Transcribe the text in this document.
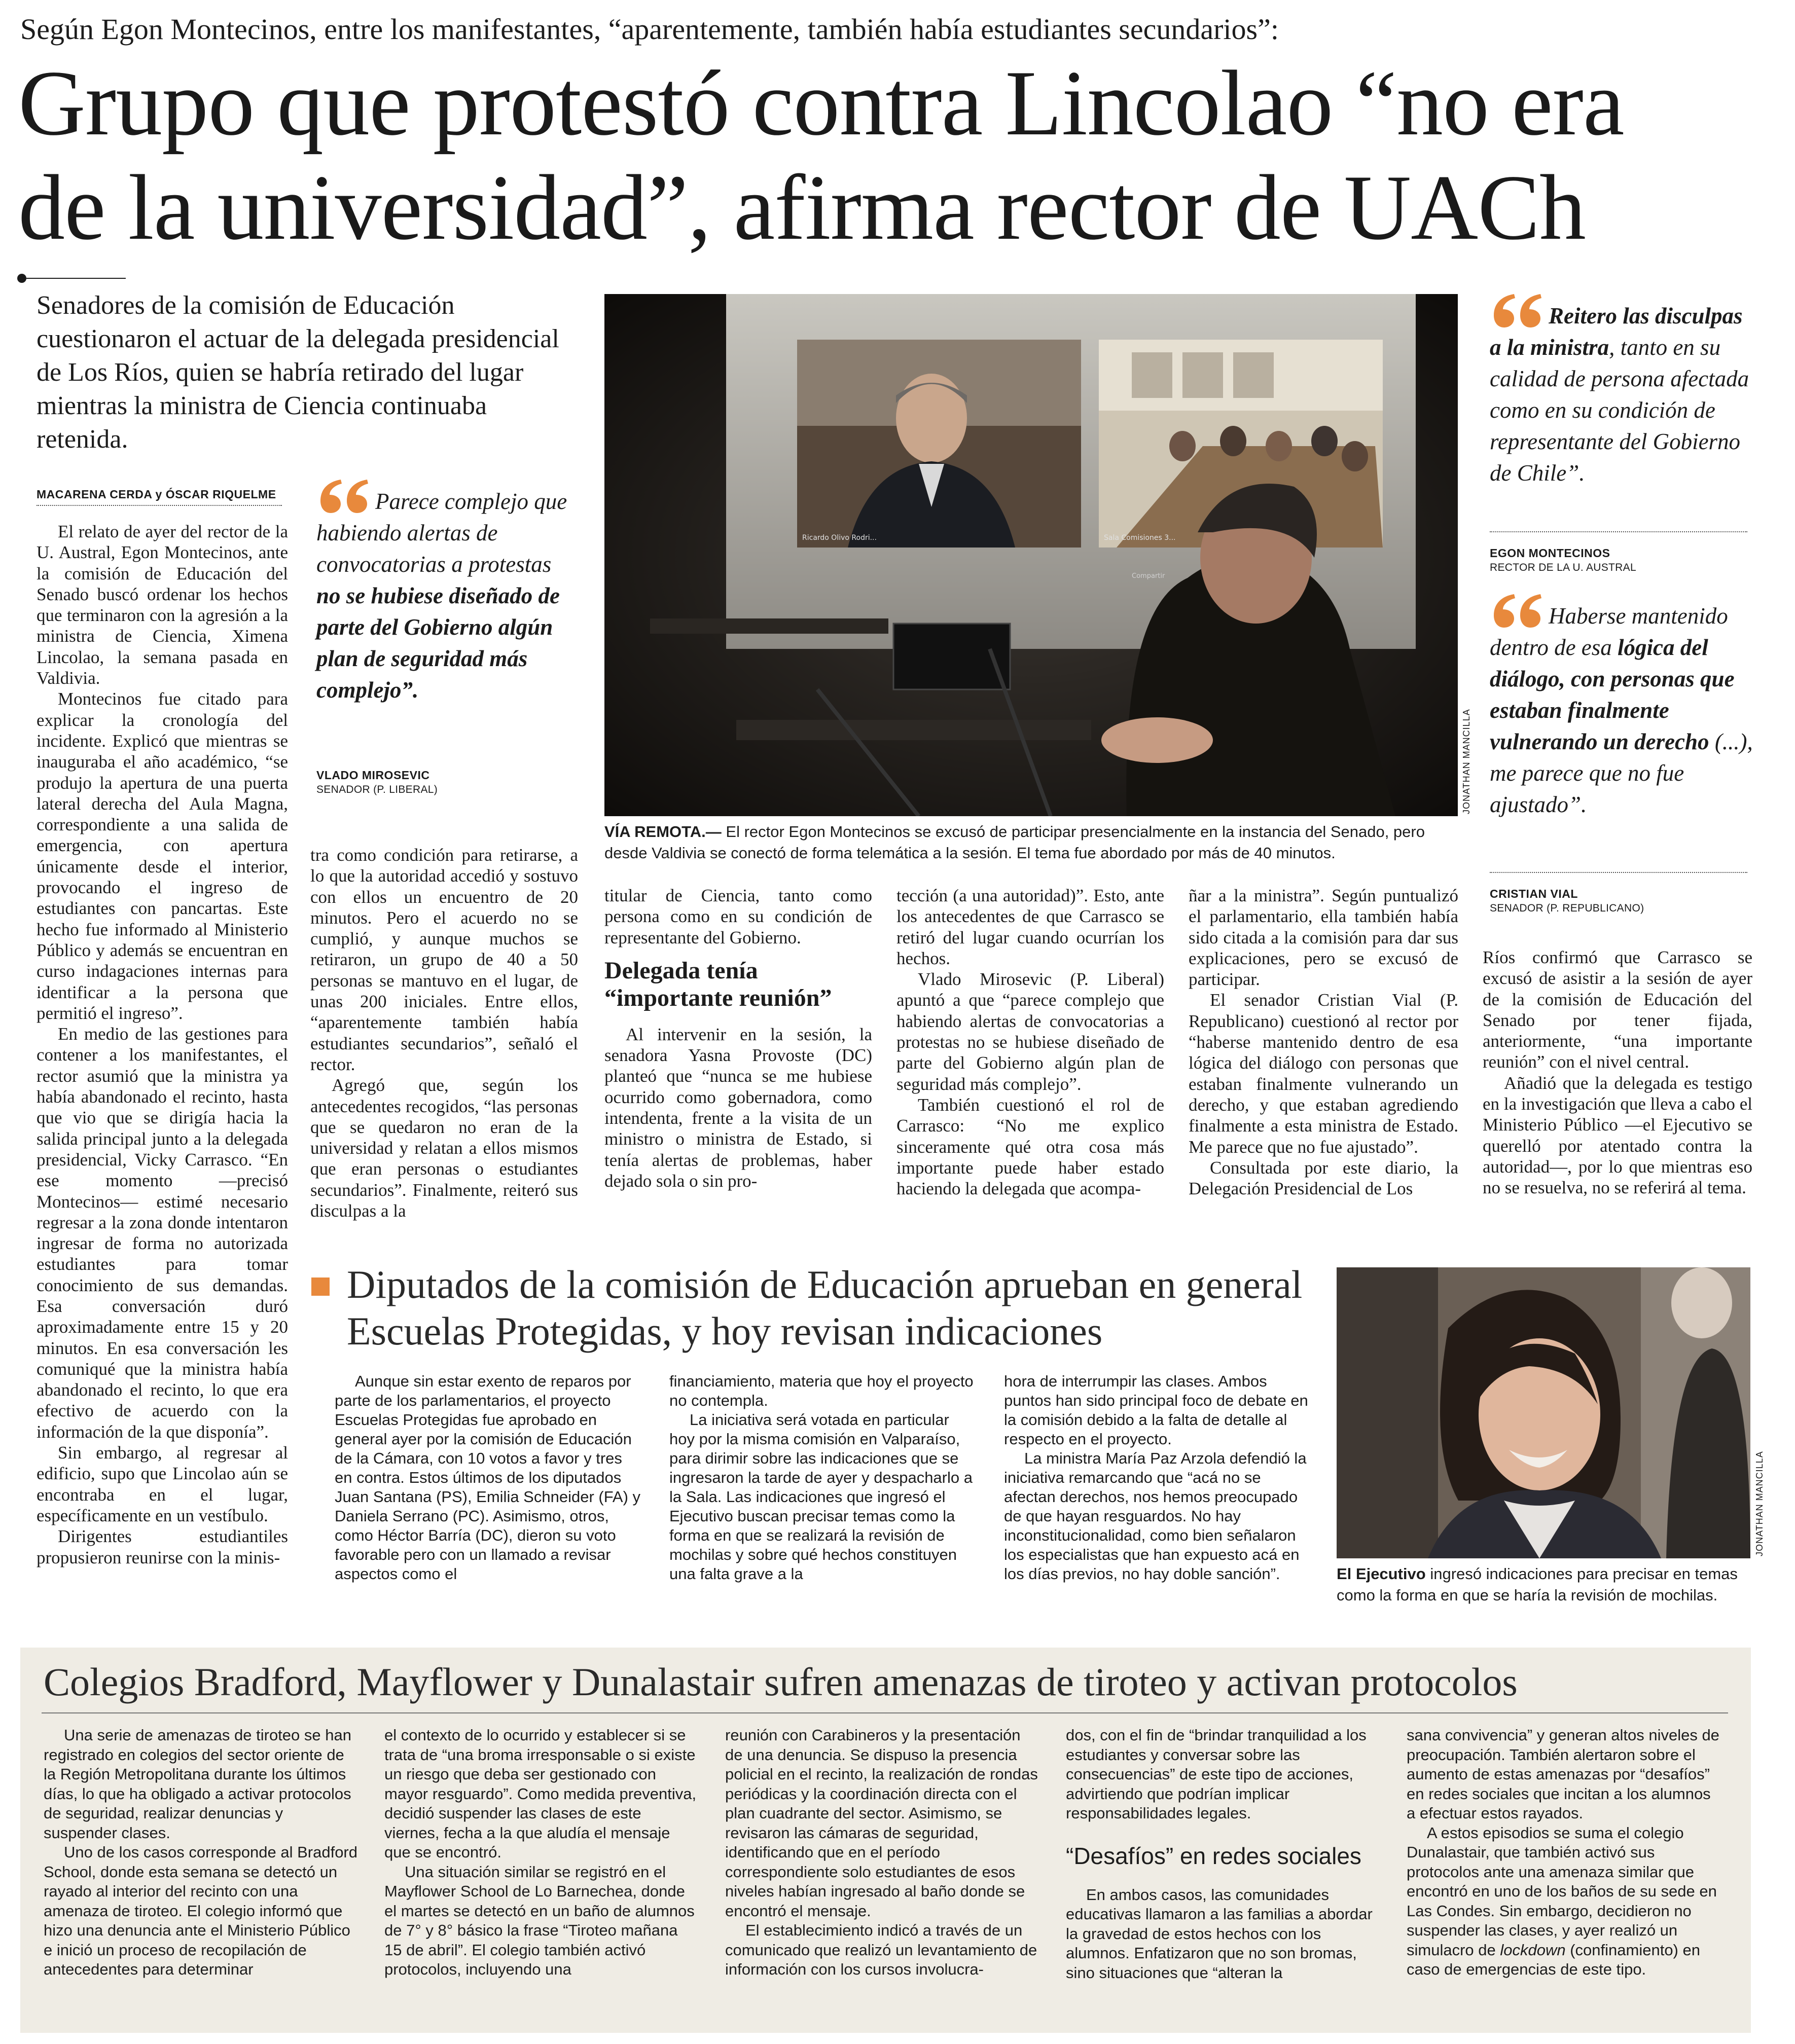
Según Egon Montecinos, entre los manifestantes, “aparentemente, también había estudiantes secundarios”:
Grupo que protestó contra Lincolao “no era de la universidad”, afirma rector de UACh
Senadores de la comisión de Educación cuestionaron el actuar de la delegada presidencial de Los Ríos, quien se habría retirado del lugar mientras la ministra de Ciencia continuaba retenida.
MACARENA CERDA y ÓSCAR RIQUELME

El relato de ayer del rector de la U. Austral, Egon Montecinos, ante la comisión de Educación del Senado buscó ordenar los hechos que terminaron con la agresión a la ministra de Ciencia, Ximena Lincolao, la semana pasada en Valdivia.

Montecinos fue citado para explicar la cronología del incidente. Explicó que mientras se inauguraba el año académico, “se produjo la apertura de una puerta lateral derecha del Aula Magna, correspondiente a una salida de emergencia, con apertura únicamente desde el interior, provocando el ingreso de estudiantes con pancartas. Este hecho fue informado al Ministerio Público y además se encuentran en curso indagaciones internas para identificar a la persona que permitió el ingreso”.

En medio de las gestiones para contener a los manifestantes, el rector asumió que la ministra ya había abandonado el recinto, hasta que vio que se dirigía hacia la salida principal junto a la delegada presidencial, Vicky Carrasco. “En ese momento —precisó Montecinos— estimé necesario regresar a la zona donde intentaron ingresar de forma no autorizada estudiantes para tomar conocimiento de sus demandas. Esa conversación duró aproximadamente entre 15 y 20 minutos. En esa conversación les comuniqué que la ministra había abandonado el recinto, lo que era efectivo de acuerdo con la información de la que disponía”.

Sin embargo, al regresar al edificio, supo que Lincolao aún se encontraba en el lugar, específicamente en un vestíbulo.

Dirigentes estudiantiles propusieron reunirse con la minis-

Parece complejo que habiendo alertas de convocatorias a protestas no se hubiese diseñado de parte del Gobierno algún plan de seguridad más complejo”.
VLADO MIROSEVIC
SENADOR (P. LIBERAL)

tra como condición para retirarse, a lo que la autoridad accedió y sostuvo con ellos un encuentro de 20 minutos. Pero el acuerdo no se cumplió, y aunque muchos se retiraron, un grupo de 40 a 50 personas se mantuvo en el lugar, de unas 200 iniciales. Entre ellos, “aparentemente también había estudiantes secundarios”, señaló el rector.

Agregó que, según los antecedentes recogidos, “las personas que se quedaron no eran de la universidad y relatan a ellos mismos que eran personas o estudiantes secundarios”. Finalmente, reiteró sus disculpas a la

Ricardo Olivo Rodri...	Sala Comisiones 3...
Compartir
JONATHAN MANCILLA
VÍA REMOTA.— El rector Egon Montecinos se excusó de participar presencialmente en la instancia del Senado, pero desde Valdivia se conectó de forma telemática a la sesión. El tema fue abordado por más de 40 minutos.

titular de Ciencia, tanto como persona como en su condición de representante del Gobierno.

Delegada tenía “importante reunión”

Al intervenir en la sesión, la senadora Yasna Provoste (DC) planteó que “nunca se me hubiese ocurrido como gobernadora, como intendenta, frente a la visita de un ministro o ministra de Estado, si tenía alertas de problemas, haber dejado sola o sin pro-

tección (a una autoridad)”. Esto, ante los antecedentes de que Carrasco se retiró del lugar cuando ocurrían los hechos.

Vlado Mirosevic (P. Liberal) apuntó a que “parece complejo que habiendo alertas de convocatorias a protestas no se hubiese diseñado de parte del Gobierno algún plan de seguridad más complejo”.

También cuestionó el rol de Carrasco: “No me explico sinceramente qué otra cosa más importante puede haber estado haciendo la delegada que acompa-

ñar a la ministra”. Según puntualizó el parlamentario, ella también había sido citada a la comisión para dar sus explicaciones, pero se excusó de participar.

El senador Cristian Vial (P. Republicano) cuestionó al rector por “haberse mantenido dentro de esa lógica del diálogo con personas que estaban finalmente vulnerando un derecho, y que estaban agrediendo finalmente a esta ministra de Estado. Me parece que no fue ajustado”.

Consultada por este diario, la Delegación Presidencial de Los

Reitero las disculpas a la ministra, tanto en su calidad de persona afectada como en su condición de representante del Gobierno de Chile”.
EGON MONTECINOS
RECTOR DE LA U. AUSTRAL
Haberse mantenido dentro de esa lógica del diálogo, con personas que estaban finalmente vulnerando un derecho (...), me parece que no fue ajustado”.
CRISTIAN VIAL
SENADOR (P. REPUBLICANO)

Ríos confirmó que Carrasco se excusó de asistir a la sesión de ayer de la comisión de Educación del Senado por tener fijada, anteriormente, “una importante reunión” con el nivel central.

Añadió que la delegada es testigo en la investigación que lleva a cabo el Ministerio Público —el Ejecutivo se querelló por atentado contra la autoridad—, por lo que mientras eso no se resuelva, no se referirá al tema.

Diputados de la comisión de Educación aprueban en general Escuelas Protegidas, y hoy revisan indicaciones

Aunque sin estar exento de reparos por parte de los parlamentarios, el proyecto Escuelas Protegidas fue aprobado en general ayer por la comisión de Educación de la Cámara, con 10 votos a favor y tres en contra. Estos últimos de los diputados Juan Santana (PS), Emilia Schneider (FA) y Daniela Serrano (PC). Asimismo, otros, como Héctor Barría (DC), dieron su voto favorable pero con un llamado a revisar aspectos como el

financiamiento, materia que hoy el proyecto no contempla.

La iniciativa será votada en particular hoy por la misma comisión en Valparaíso, para dirimir sobre las indicaciones que se ingresaron la tarde de ayer y despacharlo a la Sala. Las indicaciones que ingresó el Ejecutivo buscan precisar temas como la forma en que se realizará la revisión de mochilas y sobre qué hechos constituyen una falta grave a la

hora de interrumpir las clases. Ambos puntos han sido principal foco de debate en la comisión debido a la falta de detalle al respecto en el proyecto.

La ministra María Paz Arzola defendió la iniciativa remarcando que “acá no se afectan derechos, nos hemos preocupado de que hayan resguardos. No hay inconstitucionalidad, como bien señalaron los especialistas que han expuesto acá en los días previos, no hay doble sanción”.

JONATHAN MANCILLA
El Ejecutivo ingresó indicaciones para precisar en temas como la forma en que se haría la revisión de mochilas.
Colegios Bradford, Mayflower y Dunalastair sufren amenazas de tiroteo y activan protocolos

Una serie de amenazas de tiroteo se han registrado en colegios del sector oriente de la Región Metropolitana durante los últimos días, lo que ha obligado a activar protocolos de seguridad, realizar denuncias y suspender clases.

Uno de los casos corresponde al Bradford School, donde esta semana se detectó un rayado al interior del recinto con una amenaza de tiroteo. El colegio informó que hizo una denuncia ante el Ministerio Público e inició un proceso de recopilación de antecedentes para determinar

el contexto de lo ocurrido y establecer si se trata de “una broma irresponsable o si existe un riesgo que deba ser gestionado con mayor resguardo”. Como medida preventiva, decidió suspender las clases de este viernes, fecha a la que aludía el mensaje que se encontró.

Una situación similar se registró en el Mayflower School de Lo Barnechea, donde el martes se detectó en un baño de alumnos de 7° y 8° básico la frase “Tiroteo mañana 15 de abril”. El colegio también activó protocolos, incluyendo una

reunión con Carabineros y la presentación de una denuncia. Se dispuso la presencia policial en el recinto, la realización de rondas periódicas y la coordinación directa con el plan cuadrante del sector. Asimismo, se revisaron las cámaras de seguridad, identificando que en el período correspondiente solo estudiantes de esos niveles habían ingresado al baño donde se encontró el mensaje.

El establecimiento indicó a través de un comunicado que realizó un levantamiento de información con los cursos involucra-

dos, con el fin de “brindar tranquilidad a los estudiantes y conversar sobre las consecuencias” de este tipo de acciones, advirtiendo que podrían implicar responsabilidades legales.

“Desafíos” en redes sociales

En ambos casos, las comunidades educativas llamaron a las familias a abordar la gravedad de estos hechos con los alumnos. Enfatizaron que no son bromas, sino situaciones que “alteran la

sana convivencia” y generan altos niveles de preocupación. También alertaron sobre el aumento de estas amenazas por “desafíos” en redes sociales que incitan a los alumnos a efectuar estos rayados.

A estos episodios se suma el colegio Dunalastair, que también activó sus protocolos ante una amenaza similar que encontró en uno de los baños de su sede en Las Condes. Sin embargo, decidieron no suspender las clases, y ayer realizó un simulacro de lockdown (confinamiento) en caso de emergencias de este tipo.
